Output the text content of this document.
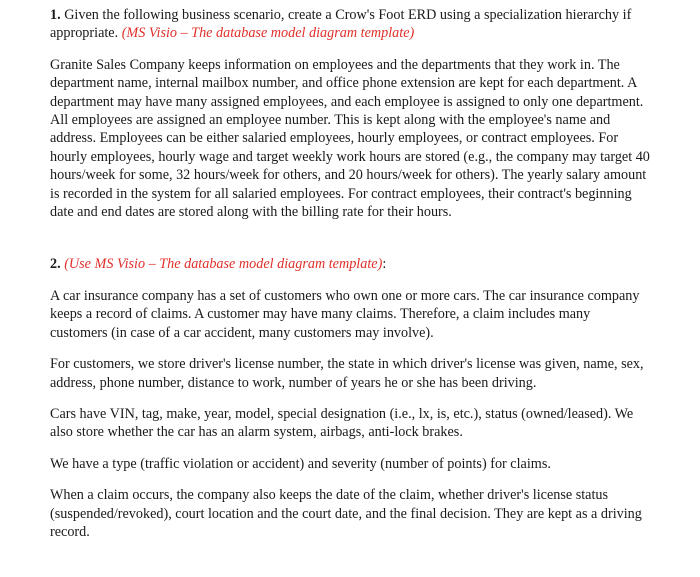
1. Given the following business scenario, create a Crow's Foot ERD using a specialization hierarchy if appropriate. (MS Visio – The database model diagram template)

Granite Sales Company keeps information on employees and the departments that they work in. The department name, internal mailbox number, and office phone extension are kept for each department. A department may have many assigned employees, and each employee is assigned to only one department. All employees are assigned an employee number. This is kept along with the employee's name and address. Employees can be either salaried employees, hourly employees, or contract employees. For hourly employees, hourly wage and target weekly work hours are stored (e.g., the company may target 40 hours/week for some, 32 hours/week for others, and 20 hours/week for others). The yearly salary amount is recorded in the system for all salaried employees. For contract employees, their contract's beginning date and end dates are stored along with the billing rate for their hours.

2. (Use MS Visio – The database model diagram template):

A car insurance company has a set of customers who own one or more cars. The car insurance company keeps a record of claims. A customer may have many claims. Therefore, a claim includes many customers (in case of a car accident, many customers may involve).

For customers, we store driver's license number, the state in which driver's license was given, name, sex, address, phone number, distance to work, number of years he or she has been driving.

Cars have VIN, tag, make, year, model, special designation (i.e., lx, is, etc.), status (owned/leased). We also store whether the car has an alarm system, airbags, anti-lock brakes.

We have a type (traffic violation or accident) and severity (number of points) for claims.

When a claim occurs, the company also keeps the date of the claim, whether driver's license status (suspended/revoked), court location and the court date, and the final decision. They are kept as a driving record.
